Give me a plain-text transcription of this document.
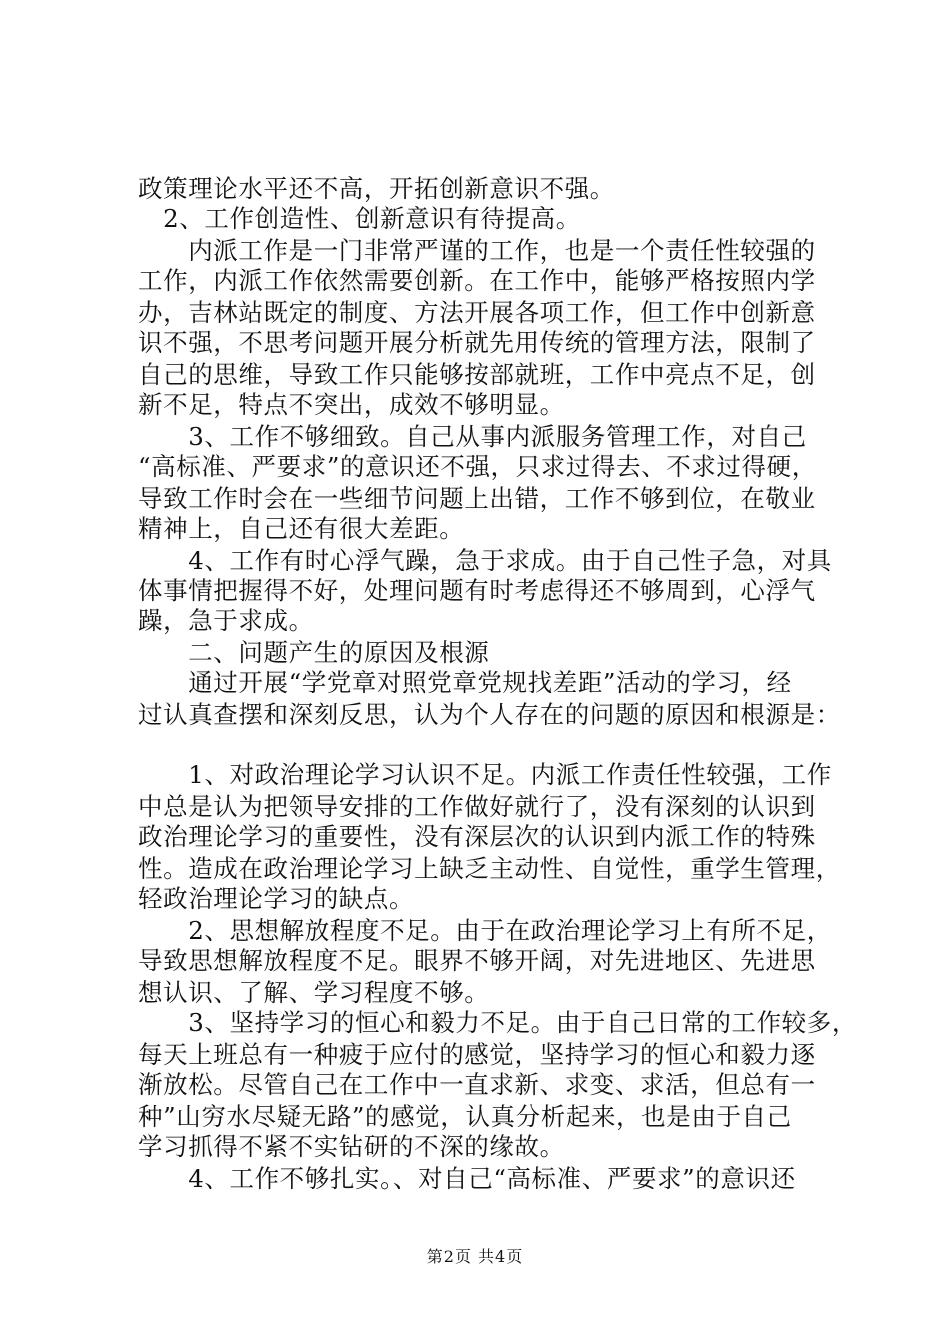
政策理论水平还不高，开拓创新意识不强。
　2、工作创造性、创新意识有待提高。
　　内派工作是一门非常严谨的工作，也是一个责任性较强的
工作，内派工作依然需要创新。在工作中，能够严格按照内学
办，吉林站既定的制度、方法开展各项工作，但工作中创新意
识不强，不思考问题开展分析就先用传统的管理方法，限制了
自己的思维，导致工作只能够按部就班，工作中亮点不足，创
新不足，特点不突出，成效不够明显。
　　3、工作不够细致。自己从事内派服务管理工作，对自己
“高标准、严要求”的意识还不强，只求过得去、不求过得硬，
导致工作时会在一些细节问题上出错，工作不够到位，在敬业
精神上，自己还有很大差距。
　　4、工作有时心浮气躁，急于求成。由于自己性子急，对具
体事情把握得不好，处理问题有时考虑得还不够周到，心浮气
躁，急于求成。
　　二、问题产生的原因及根源
　　通过开展“学党章对照党章党规找差距”活动的学习，经
过认真查摆和深刻反思，认为个人存在的问题的原因和根源是：
　　1、对政治理论学习认识不足。内派工作责任性较强，工作
中总是认为把领导安排的工作做好就行了，没有深刻的认识到
政治理论学习的重要性，没有深层次的认识到内派工作的特殊
性。造成在政治理论学习上缺乏主动性、自觉性，重学生管理，
轻政治理论学习的缺点。
　　2、思想解放程度不足。由于在政治理论学习上有所不足，
导致思想解放程度不足。眼界不够开阔，对先进地区、先进思
想认识、了解、学习程度不够。
　　3、坚持学习的恒心和毅力不足。由于自己日常的工作较多，
每天上班总有一种疲于应付的感觉，坚持学习的恒心和毅力逐
渐放松。尽管自己在工作中一直求新、求变、求活，但总有一
种”山穷水尽疑无路”的感觉，认真分析起来，也是由于自己
学习抓得不紧不实钻研的不深的缘故。
　　4、工作不够扎实。、对自己“高标准、严要求”的意识还
第2页 共4页
